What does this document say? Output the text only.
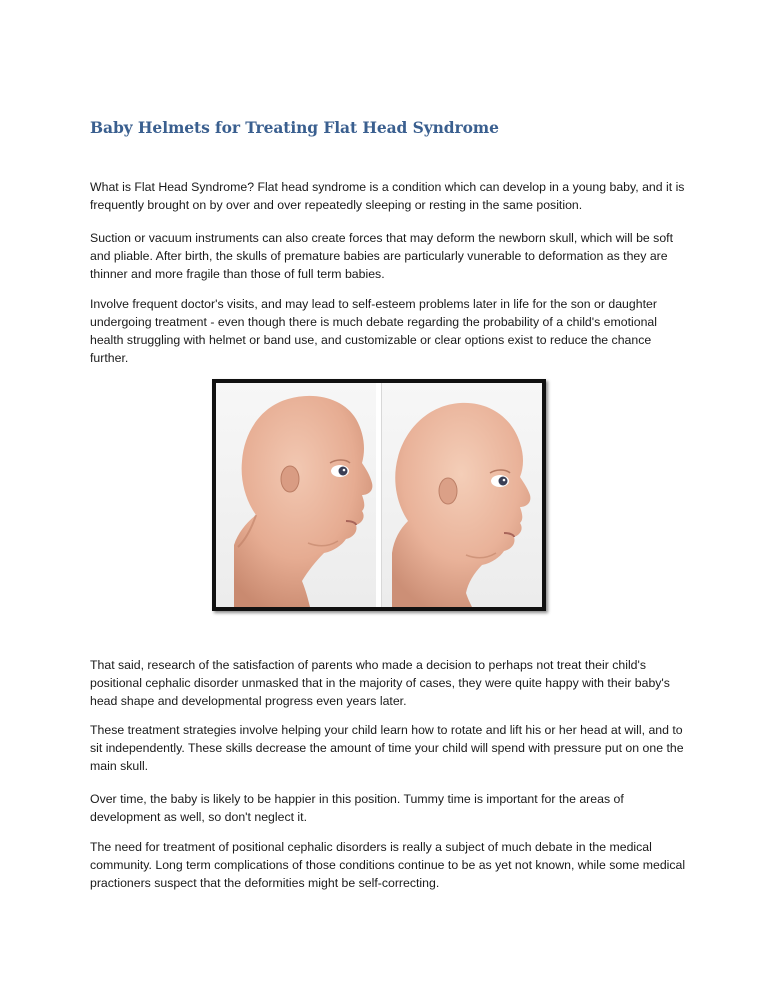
Baby Helmets for Treating Flat Head Syndrome

What is Flat Head Syndrome? Flat head syndrome is a condition which can develop in a young baby, and it is frequently brought on by over and over repeatedly sleeping or resting in the same position.

Suction or vacuum instruments can also create forces that may deform the newborn skull, which will be soft and pliable. After birth, the skulls of premature babies are particularly vunerable to deformation as they are thinner and more fragile than those of full term babies.

Involve frequent doctor's visits, and may lead to self-esteem problems later in life for the son or daughter undergoing treatment - even though there is much debate regarding the probability of a child's emotional health struggling with helmet or band use, and customizable or clear options exist to reduce the chance further.

That said, research of the satisfaction of parents who made a decision to perhaps not treat their child's positional cephalic disorder unmasked that in the majority of cases, they were quite happy with their baby's head shape and developmental progress even years later.

These treatment strategies involve helping your child learn how to rotate and lift his or her head at will, and to sit independently. These skills decrease the amount of time your child will spend with pressure put on one the main skull.

Over time, the baby is likely to be happier in this position. Tummy time is important for the areas of development as well, so don't neglect it.

The need for treatment of positional cephalic disorders is really a subject of much debate in the medical community. Long term complications of those conditions continue to be as yet not known, while some medical practioners suspect that the deformities might be self-correcting.
